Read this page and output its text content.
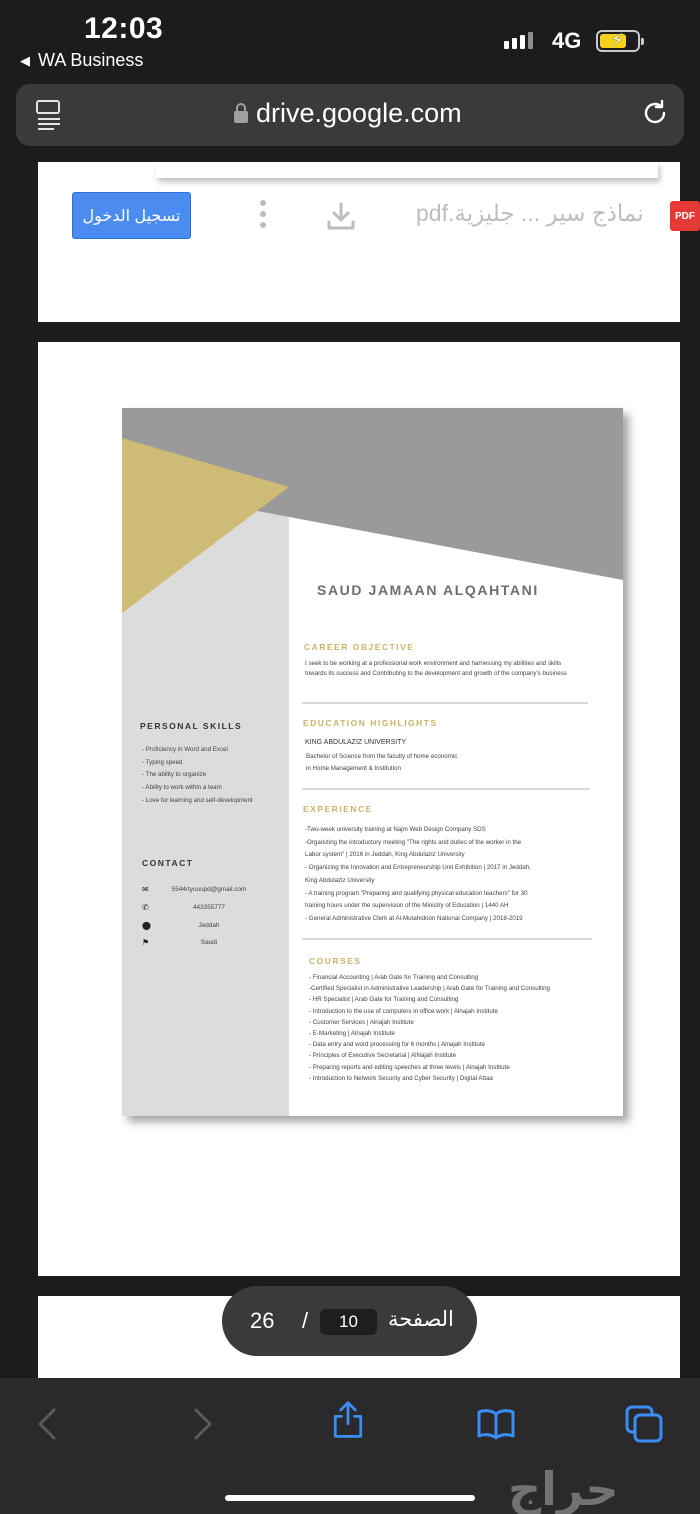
12:03
◀ WA Business
4G ⚡
drive.google.com
تسجيل الدخول	نماذج سير ... جليزية.pdf	PDF
SAUD JAMAAN ALQAHTANI
CAREER OBJECTIVE
I seek to be working at a professional work environment and harnessing my abilities and skills towards its success and Contributing to the development and growth of the company's business
EDUCATION HIGHLIGHTS
KING ABDULAZIZ UNIVERSITY
Bachelor of Science from the faculty of home economic
in Home Management & Institution
EXPERIENCE
-Two-week university training at Najm Web Design Company SDS
-Organizing the introductory meeting "The rights and duties of the worker in the
Labor system" | 2016 in Jeddah, King Abdulaziz University
- Organizing the Innovation and Entrepreneurship Unit Exhibition | 2017 in Jeddah,
King Abdulaziz University
- A training program "Preparing and qualifying physical education teachers" for 30
training hours under the supervision of the Ministry of Education | 1440 AH
- General Administrative Clerk at Al-Mutahidoon National Company | 2018-2019
COURSES
- Financial Accounting | Arab Gate for Training and Consulting
-Certified Specialist in Administrative Leadership | Arab Gate for Training and Consulting
- HR Specialist | Arab Gate for Training and Consulting
- Introduction to the use of computers in office work | Alnajah Institute
- Customer Services | Alnajah Institute
- E-Marketing | Alnajah Institute
- Data entry and word processing for 6 months | Alnajah Institute
- Principles of Executive Secretarial | AlNajah Institute
- Preparing reports and editing speeches at three levels | Alnajah Institute
- Introduction to Network Security and Cyber Security | Digital Attaa
PERSONAL SKILLS
- Proficiency in Word and Excel
- Typing speed
- The ability to organize
- Ability to work within a team
- Love for learning and self-development
CONTACT
✉	5544rtyuuupd@gmail.com
✆	443355777
⬤	Jeddah
⚑	Saudi
26 /	10	الصفحة
حراج
